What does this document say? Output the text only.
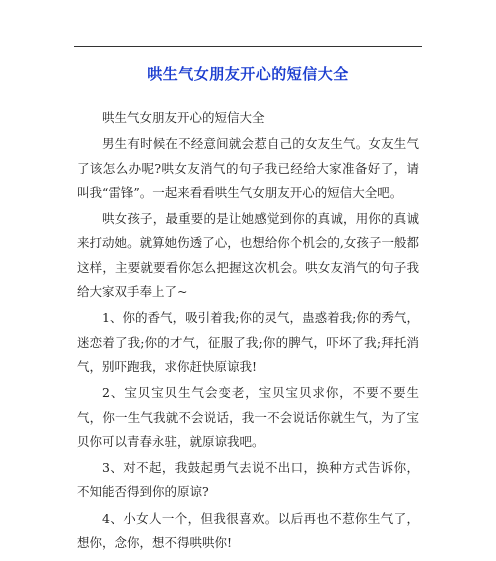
哄生气女朋友开心的短信大全

哄生气女朋友开心的短信大全

男生有时候在不经意间就会惹自己的女友生气。女友生气了该怎么办呢?哄女友消气的句子我已经给大家准备好了，请叫我“雷锋”。一起来看看哄生气女朋友开心的短信大全吧。

哄女孩子，最重要的是让她感觉到你的真诚，用你的真诚来打动她。就算她伤透了心，也想给你个机会的,女孩子一般都这样，主要就要看你怎么把握这次机会。哄女友消气的句子我给大家双手奉上了~

1、你的香气，吸引着我;你的灵气，蛊惑着我;你的秀气，迷恋着了我;你的才气，征服了我;你的脾气，吓坏了我;拜托消气，别吓跑我，求你赶快原谅我!

2、宝贝宝贝生气会变老，宝贝宝贝求你，不要不要生气，你一生气我就不会说话，我一不会说话你就生气，为了宝贝你可以青春永驻，就原谅我吧。

3、对不起，我鼓起勇气去说不出口，换种方式告诉你，不知能否得到你的原谅?

4、小女人一个，但我很喜欢。以后再也不惹你生气了，想你，念你，想不得哄哄你!
